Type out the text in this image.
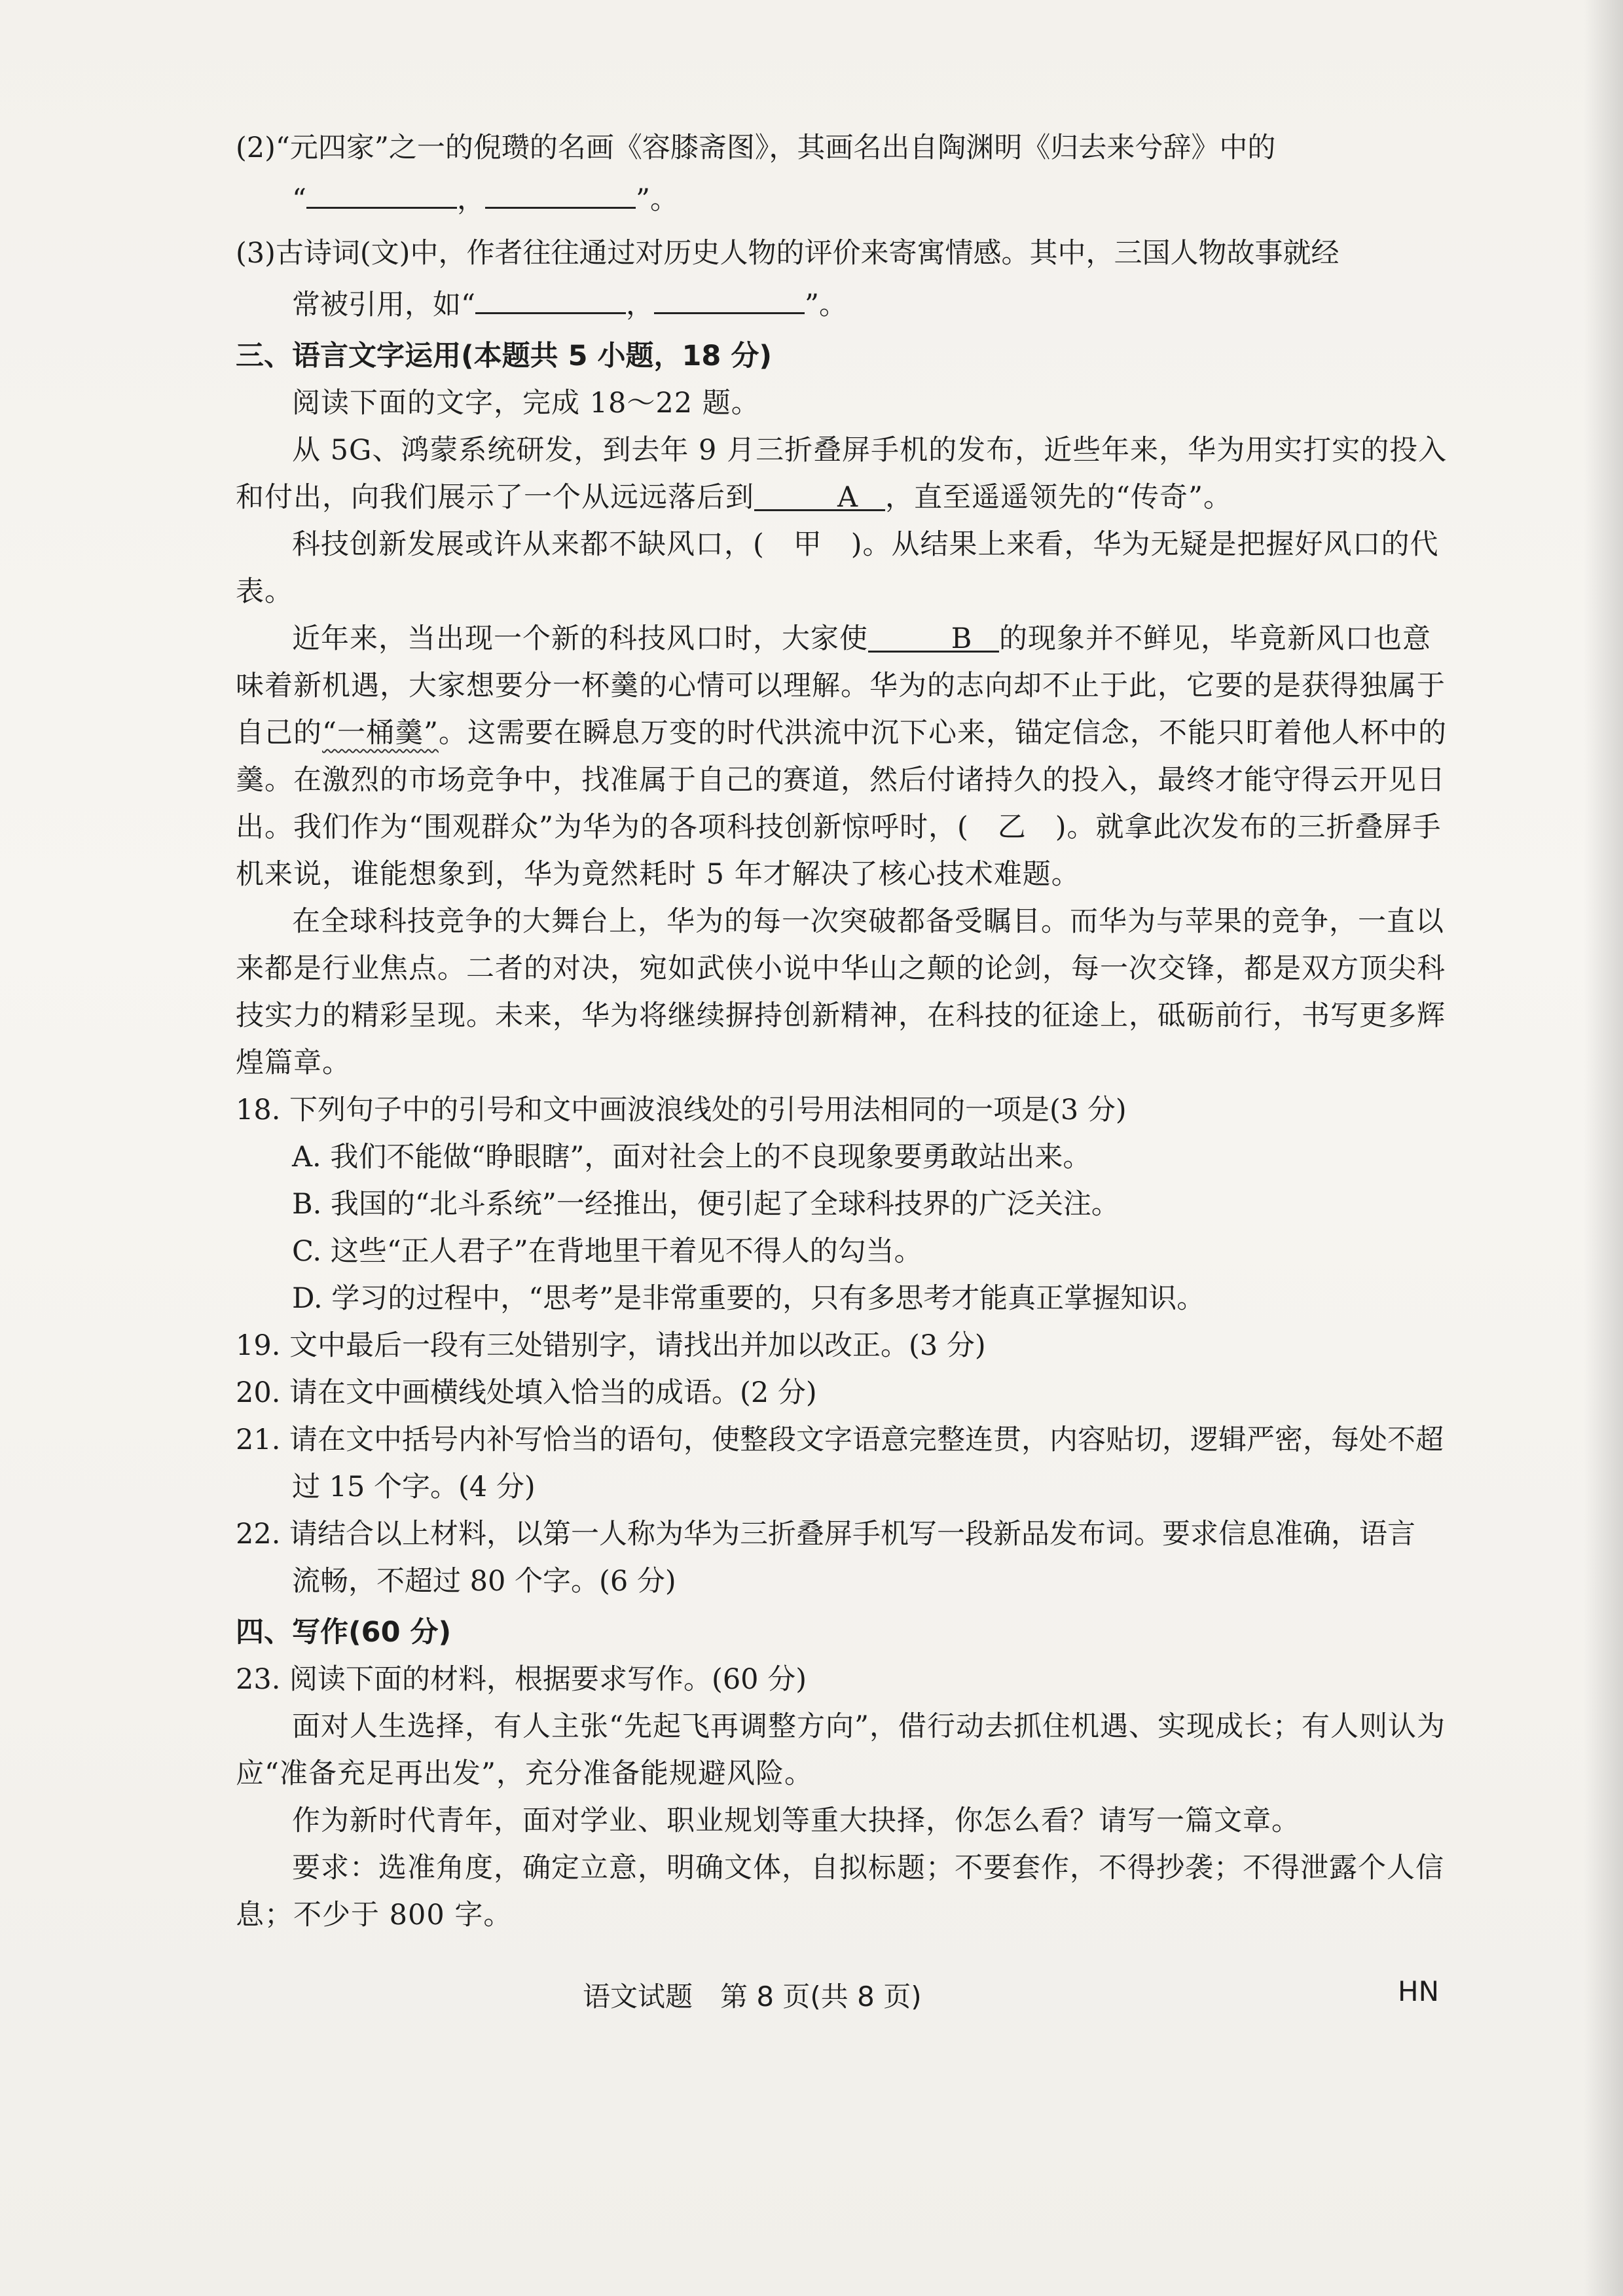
(2)“元四家”之一的倪瓒的名画《容膝斋图》，其画名出自陶渊明《归去来兮辞》中的

“	，	”。

(3)古诗词(文)中，作者往往通过对历史人物的评价来寄寓情感。其中，三国人物故事就经

常被引用，如“	，	”。

三、语言文字运用(本题共 5 小题，18 分)

阅读下面的文字，完成 18～22 题。

从 5G、鸿蒙系统研发，到去年 9 月三折叠屏手机的发布，近些年来，华为用实打实的投入和付出，向我们展示了一个从远远落后到	A ，直至遥遥领先的“传奇”。

科技创新发展或许从来都不缺风口，(　甲　)。从结果上来看，华为无疑是把握好风口的代表。

近年来，当出现一个新的科技风口时，大家使	B 的现象并不鲜见，毕竟新风口也意味着新机遇，大家想要分一杯羹的心情可以理解。华为的志向却不止于此，它要的是获得独属于自己的“一桶羹”。这需要在瞬息万变的时代洪流中沉下心来，锚定信念，不能只盯着他人杯中的羹。在激烈的市场竞争中，找准属于自己的赛道，然后付诸持久的投入，最终才能守得云开见日出。我们作为“围观群众”为华为的各项科技创新惊呼时，(　乙　)。就拿此次发布的三折叠屏手机来说，谁能想象到，华为竟然耗时 5 年才解决了核心技术难题。

在全球科技竞争的大舞台上，华为的每一次突破都备受瞩目。而华为与苹果的竞争，一直以来都是行业焦点。二者的对决，宛如武侠小说中华山之颠的论剑，每一次交锋，都是双方顶尖科技实力的精彩呈现。未来，华为将继续摒持创新精神，在科技的征途上，砥砺前行，书写更多辉煌篇章。

18. 下列句子中的引号和文中画波浪线处的引号用法相同的一项是(3 分)

A. 我们不能做“睁眼瞎”，面对社会上的不良现象要勇敢站出来。

B. 我国的“北斗系统”一经推出，便引起了全球科技界的广泛关注。

C. 这些“正人君子”在背地里干着见不得人的勾当。

D. 学习的过程中，“思考”是非常重要的，只有多思考才能真正掌握知识。

19. 文中最后一段有三处错别字，请找出并加以改正。(3 分)

20. 请在文中画横线处填入恰当的成语。(2 分)

21. 请在文中括号内补写恰当的语句，使整段文字语意完整连贯，内容贴切，逻辑严密，每处不超

过 15 个字。(4 分)

22. 请结合以上材料，以第一人称为华为三折叠屏手机写一段新品发布词。要求信息准确，语言

流畅，不超过 80 个字。(6 分)

四、写作(60 分)

23. 阅读下面的材料，根据要求写作。(60 分)

面对人生选择，有人主张“先起飞再调整方向”，借行动去抓住机遇、实现成长；有人则认为应“准备充足再出发”，充分准备能规避风险。

作为新时代青年，面对学业、职业规划等重大抉择，你怎么看？请写一篇文章。

要求：选准角度，确定立意，明确文体，自拟标题；不要套作，不得抄袭；不得泄露个人信息；不少于 800 字。

语文试题　第 8 页(共 8 页)	HN
